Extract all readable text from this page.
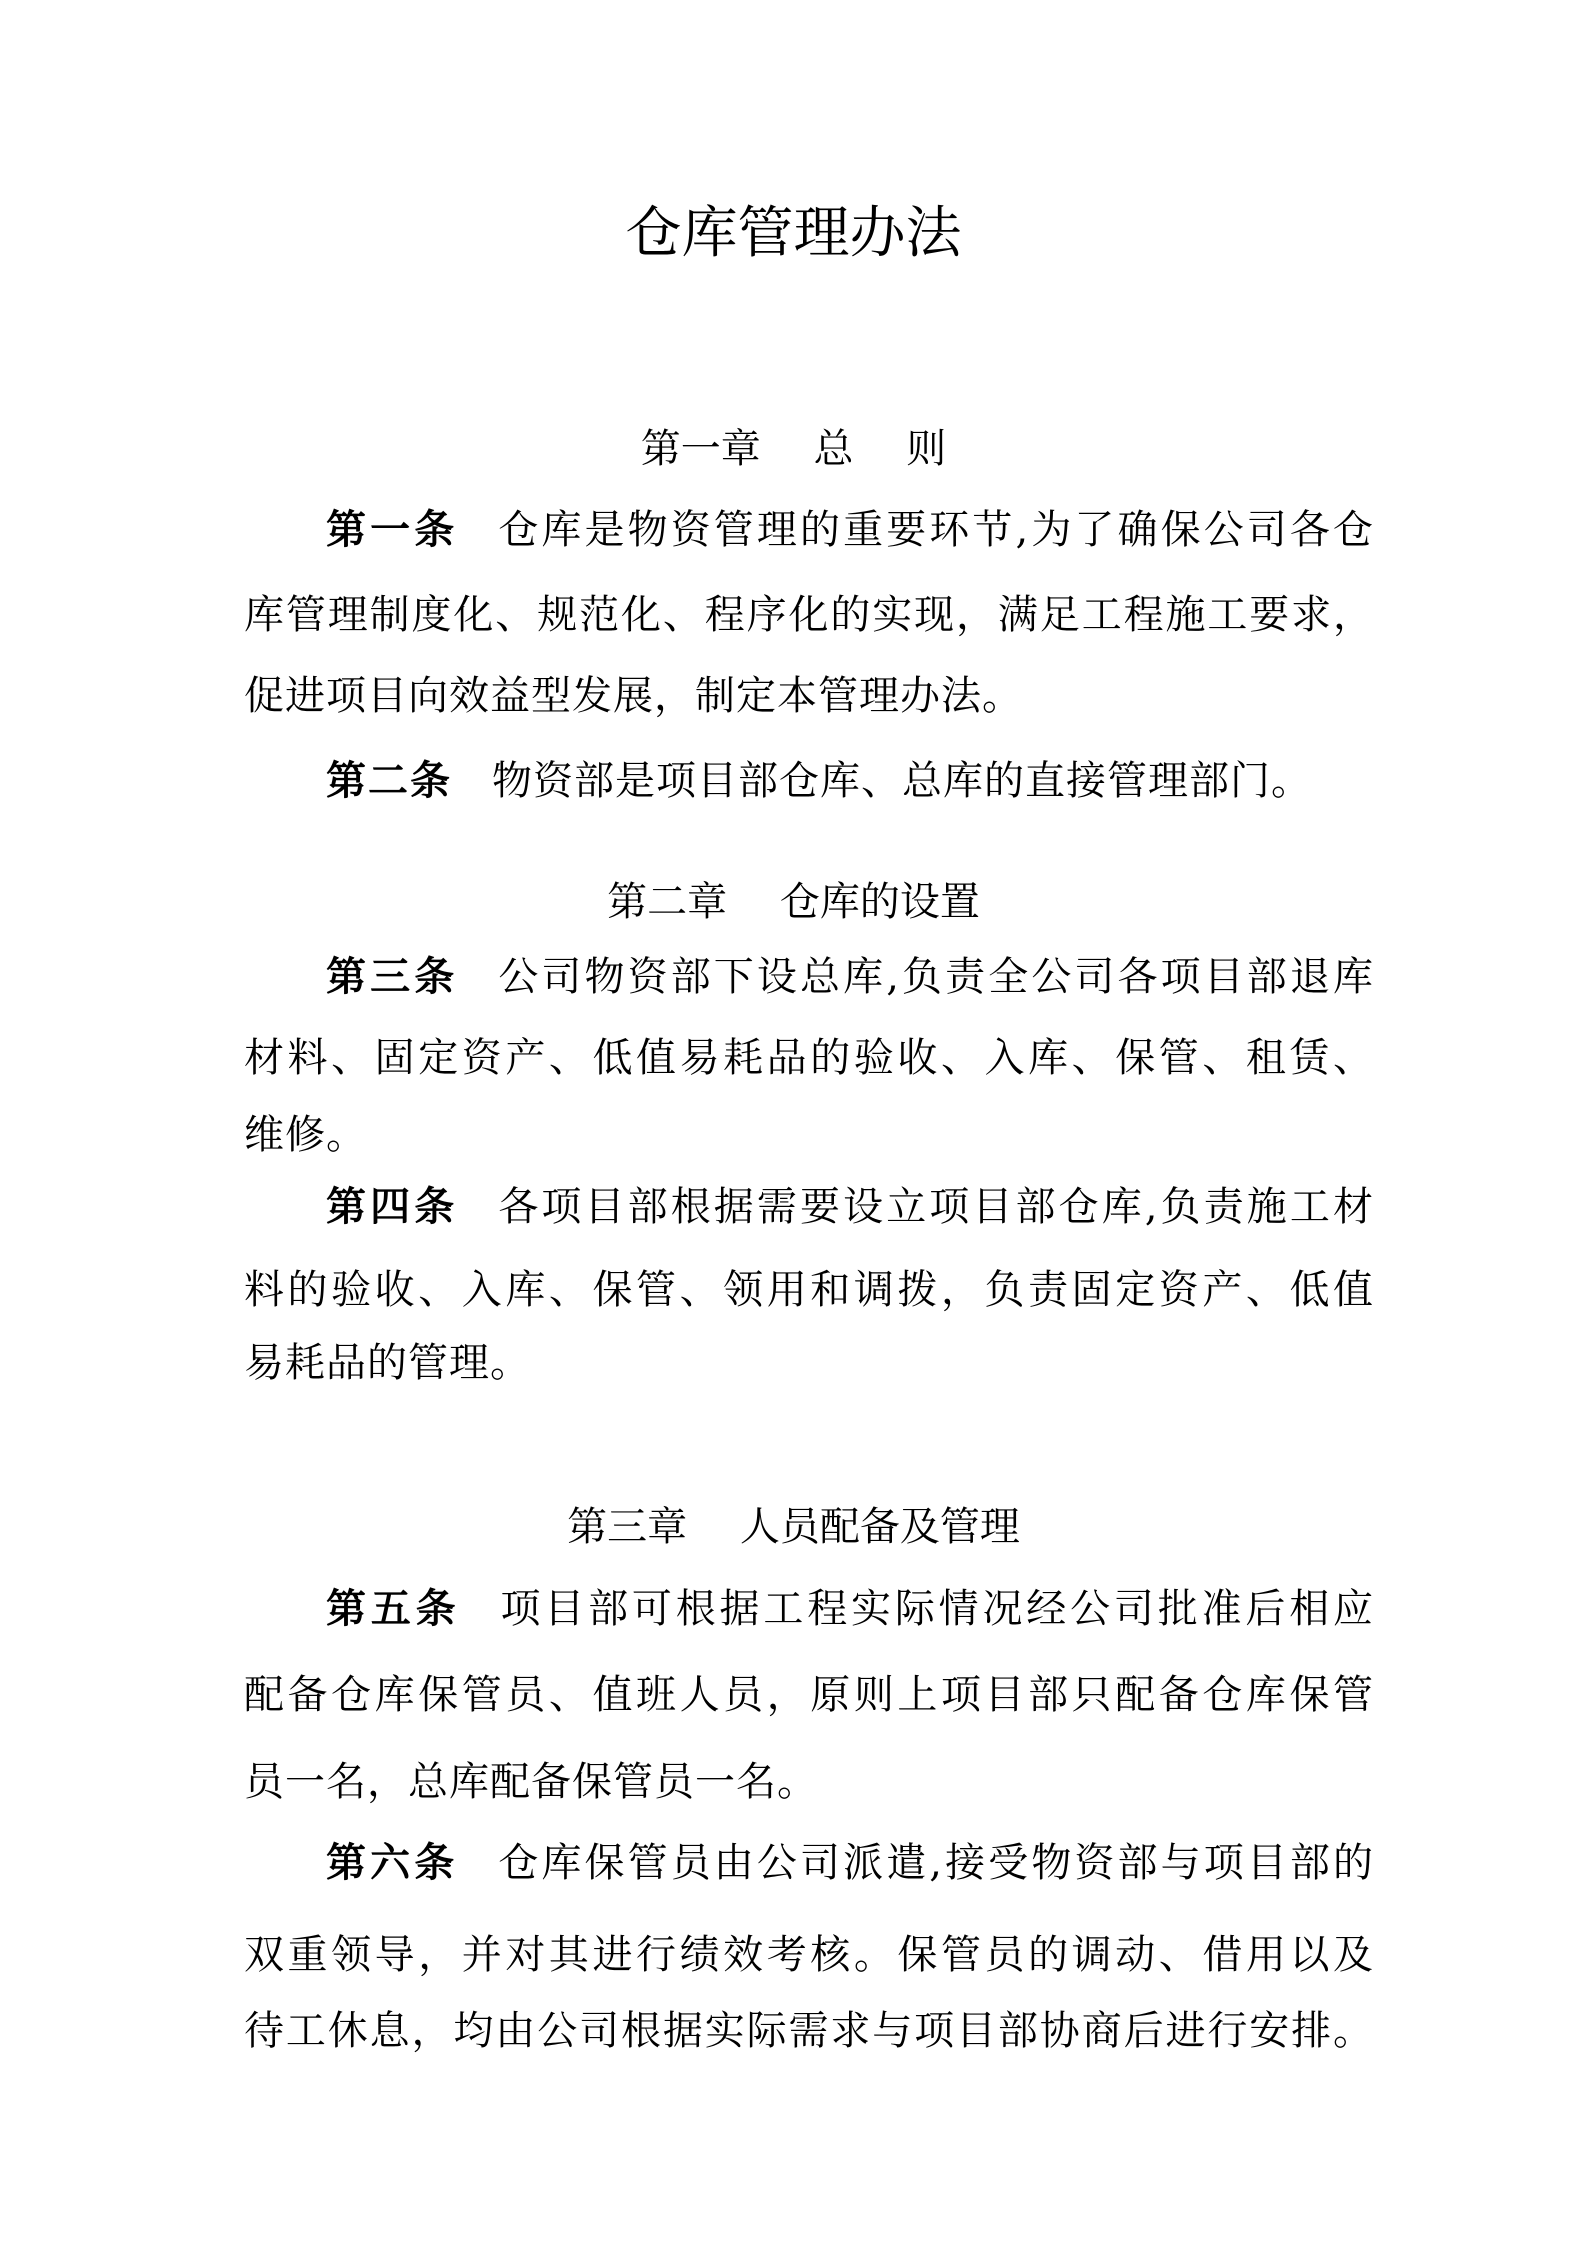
仓库管理办法
第一章　 总　 则
第一条 仓库是物资管理的重要环节,为了确保公司各仓
库管理制度化、规范化、程序化的实现，满足工程施工要求，
促进项目向效益型发展，制定本管理办法。
第二条 物资部是项目部仓库、总库的直接管理部门。
第二章　 仓库的设置
第三条 公司物资部下设总库,负责全公司各项目部退库
材料、固定资产、低值易耗品的验收、入库、保管、租赁、
维修。
第四条 各项目部根据需要设立项目部仓库,负责施工材
料的验收、入库、保管、领用和调拨，负责固定资产、低值
易耗品的管理。
第三章　 人员配备及管理
第五条 项目部可根据工程实际情况经公司批准后相应
配备仓库保管员、值班人员，原则上项目部只配备仓库保管
员一名，总库配备保管员一名。
第六条 仓库保管员由公司派遣,接受物资部与项目部的
双重领导，并对其进行绩效考核。保管员的调动、借用以及
待工休息，均由公司根据实际需求与项目部协商后进行安排。
